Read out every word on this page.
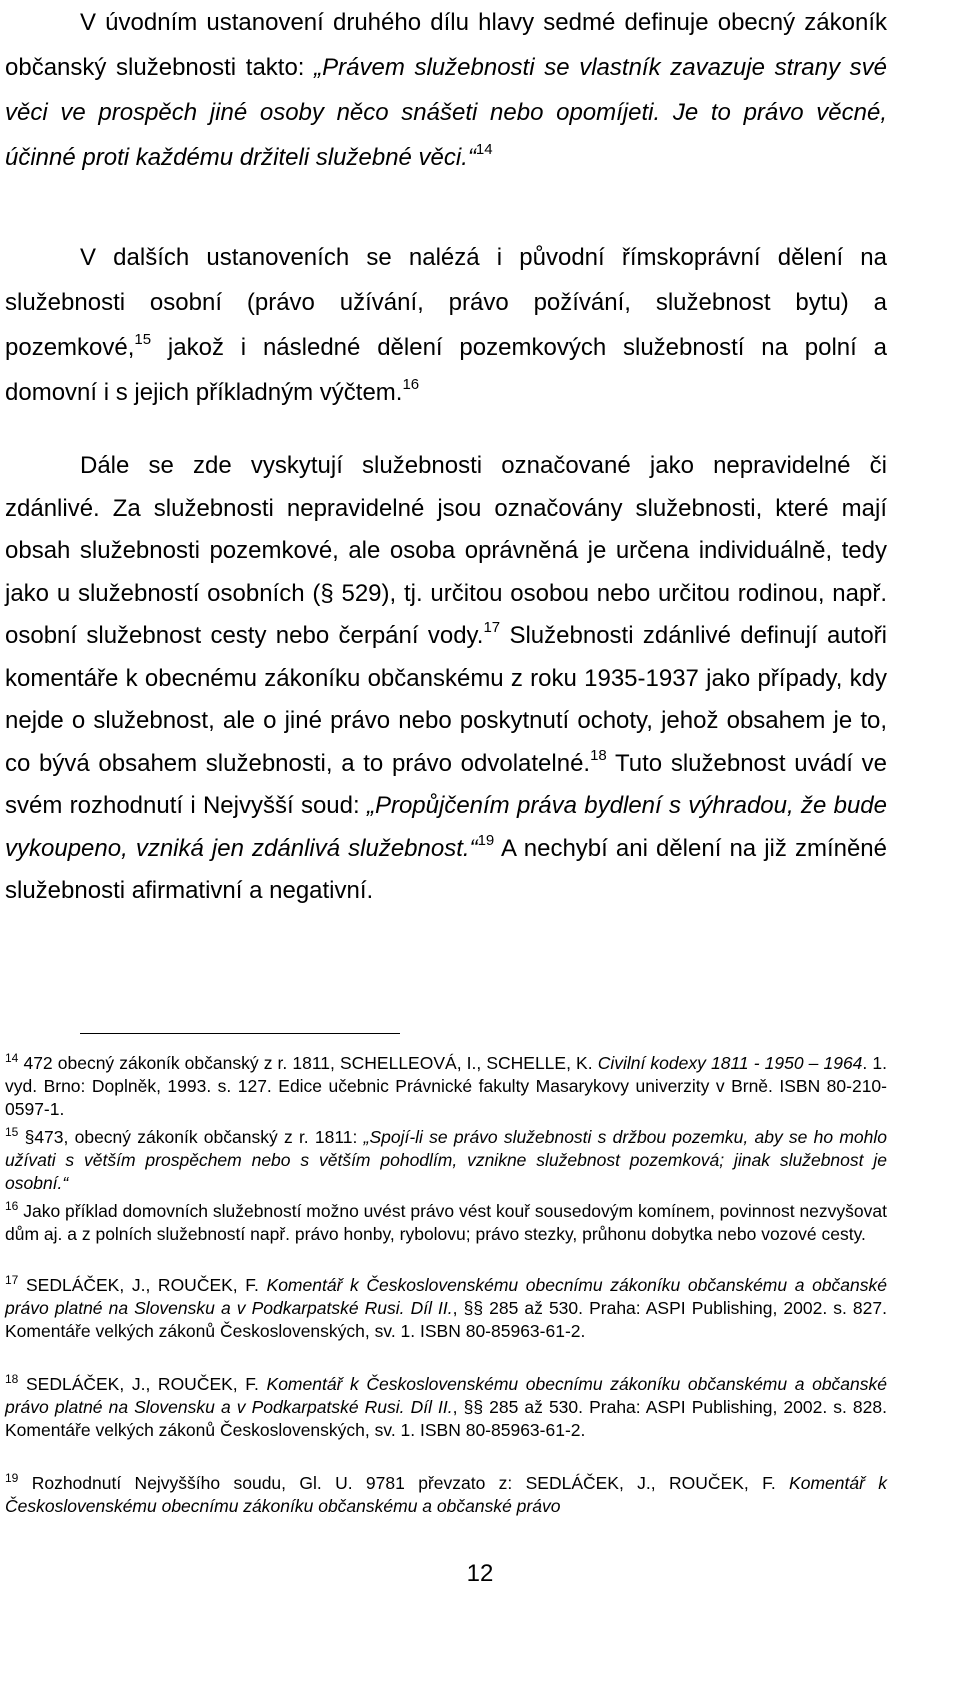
V úvodním ustanovení druhého dílu hlavy sedmé definuje obecný zákoník občanský služebnosti takto: „Právem služebnosti se vlastník zavazuje strany své věci ve prospěch jiné osoby něco snášeti nebo opomíjeti. Je to právo věcné, účinné proti každému držiteli služebné věci.“$^{14}$

V dalších ustanoveních se nalézá i původní římskoprávní dělení na služebnosti osobní (právo užívání, právo požívání, služebnost bytu) a pozemkové,$^{15}$ jakož i následné dělení pozemkových služebností na polní a domovní i s jejich příkladným výčtem.$^{16}$

Dále se zde vyskytují služebnosti označované jako nepravidelné či zdánlivé. Za služebnosti nepravidelné jsou označovány služebnosti, které mají obsah služebnosti pozemkové, ale osoba oprávněná je určena individuálně, tedy jako u služebností osobních (§ 529), tj. určitou osobou nebo určitou rodinou, např. osobní služebnost cesty nebo čerpání vody.$^{17}$ Služebnosti zdánlivé definují autoři komentáře k obecnému zákoníku občanskému z roku 1935-1937 jako případy, kdy nejde o služebnost, ale o jiné právo nebo poskytnutí ochoty, jehož obsahem je to, co bývá obsahem služebnosti, a to právo odvolatelné.$^{18}$ Tuto služebnost uvádí ve svém rozhodnutí i Nejvyšší soud: „Propůjčením práva bydlení s výhradou, že bude vykoupeno, vzniká jen zdánlivá služebnost.“$^{19}$ A nechybí ani dělení na již zmíněné služebnosti afirmativní a negativní.

$^{14}$ 472 obecný zákoník občanský z r. 1811, SCHELLEOVÁ, I., SCHELLE, K. Civilní kodexy 1811 - 1950 – 1964. 1. vyd. Brno: Doplněk, 1993. s. 127. Edice učebnic Právnické fakulty Masarykovy univerzity v Brně. ISBN 80-210-0597-1.

$^{15}$ §473, obecný zákoník občanský z r. 1811: „Spojí-li se právo služebnosti s držbou pozemku, aby se ho mohlo užívati s větším prospěchem nebo s větším pohodlím, vznikne služebnost pozemková; jinak služebnost je osobní.“

$^{16}$ Jako příklad domovních služebností možno uvést právo vést kouř sousedovým komínem, povinnost nezvyšovat dům aj. a z polních služebností např. právo honby, rybolovu; právo stezky, průhonu dobytka nebo vozové cesty.

$^{17}$ SEDLÁČEK, J., ROUČEK, F. Komentář k Československému obecnímu zákoníku občanskému a občanské právo platné na Slovensku a v Podkarpatské Rusi. Díl II., §§ 285 až 530. Praha: ASPI Publishing, 2002. s. 827. Komentáře velkých zákonů Československých, sv. 1. ISBN 80-85963-61-2.

$^{18}$ SEDLÁČEK, J., ROUČEK, F. Komentář k Československému obecnímu zákoníku občanskému a občanské právo platné na Slovensku a v Podkarpatské Rusi. Díl II., §§ 285 až 530. Praha: ASPI Publishing, 2002. s. 828. Komentáře velkých zákonů Československých, sv. 1. ISBN 80-85963-61-2.

$^{19}$ Rozhodnutí Nejvyššího soudu, Gl. U. 9781 převzato z: SEDLÁČEK, J., ROUČEK, F. Komentář k Československému obecnímu zákoníku občanskému a občanské právo

12
